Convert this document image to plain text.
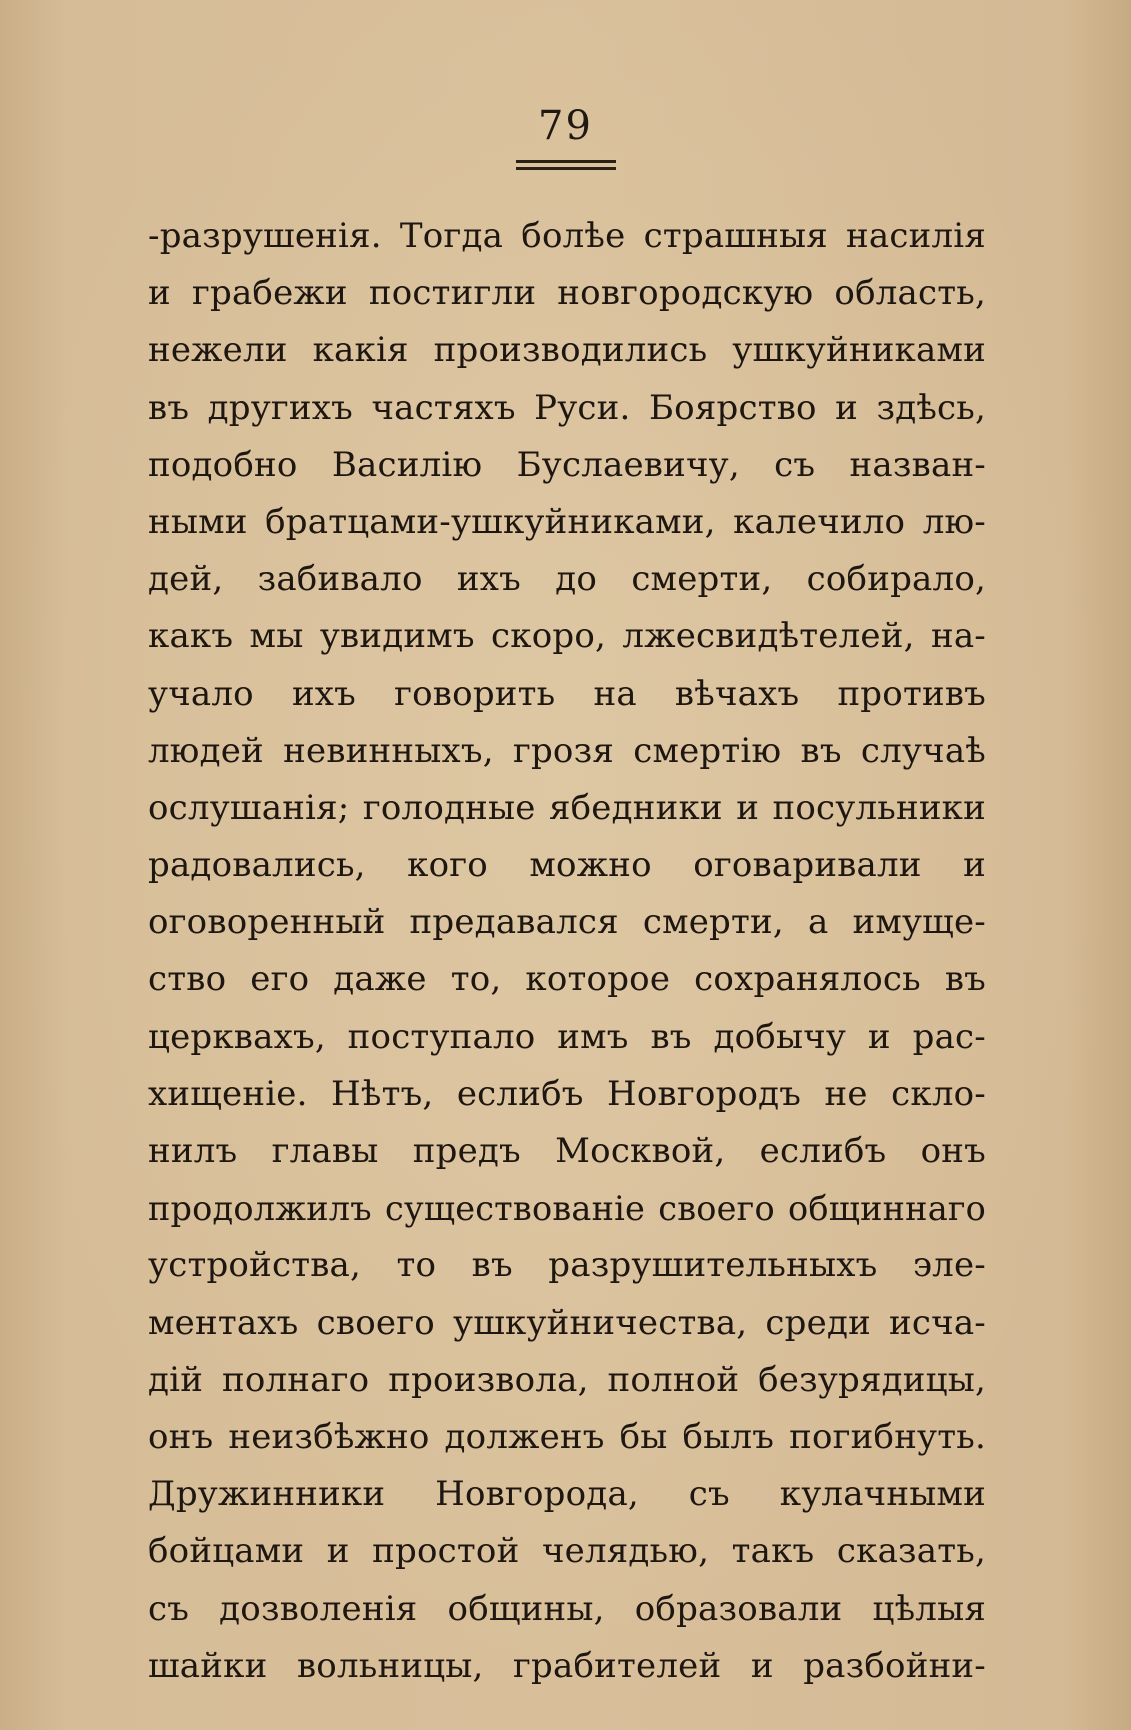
79
-разрушенія. Тогда болѣе страшныя насилія
и грабежи постигли новгородскую область,
нежели какія производились ушкуйниками
въ другихъ частяхъ Руси. Боярство и здѣсь,
подобно Василію Буслаевичу, съ назван-
ными братцами-ушкуйниками, калечило лю-
дей, забивало ихъ до смерти, собирало,
какъ мы увидимъ скоро, лжесвидѣтелей, на-
учало ихъ говорить на вѣчахъ противъ
людей невинныхъ, грозя смертію въ случаѣ
ослушанія; голодные ябедники и посульники
радовались, кого можно оговаривали и
оговоренный предавался смерти, а имуще-
ство его даже то, которое сохранялось въ
церквахъ, поступало имъ въ добычу и рас-
хищеніе. Нѣтъ, еслибъ Новгородъ не скло-
нилъ главы предъ Москвой, еслибъ онъ
продолжилъ существованіе своего общиннаго
устройства, то въ разрушительныхъ эле-
ментахъ своего ушкуйничества, среди исча-
дій полнаго произвола, полной безурядицы,
онъ неизбѣжно долженъ бы былъ погибнуть.
Дружинники Новгорода, съ кулачными
бойцами и простой челядью, такъ сказать,
съ дозволенія общины, образовали цѣлыя
шайки вольницы, грабителей и разбойни-
